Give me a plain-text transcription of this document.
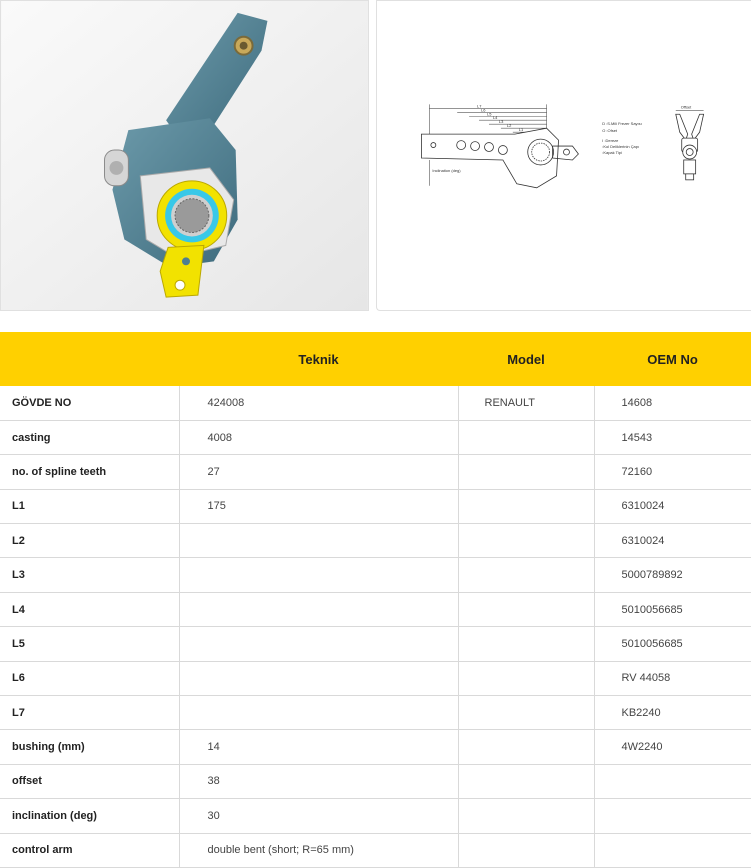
L7
L6
L5
L4
L3
L2
L1
Inclination (deg)
D :S.Mili Frezer Sayısı
O :Ofset
I :Dereze
:Kol Deliklerinin Çapı
:Kapak Tipi
Offset
	Teknik	Model	OEM No
GÖVDE NO	424008	RENAULT	14608
casting	4008		14543
no. of spline teeth	27		72160
L1	175		6310024
L2			6310024
L3			5000789892
L4			5010056685
L5			5010056685
L6			RV 44058
L7			KB2240
bushing (mm)	14		4W2240
offset	38		
inclination (deg)	30		
control arm	double bent (short; R=65 mm)		
